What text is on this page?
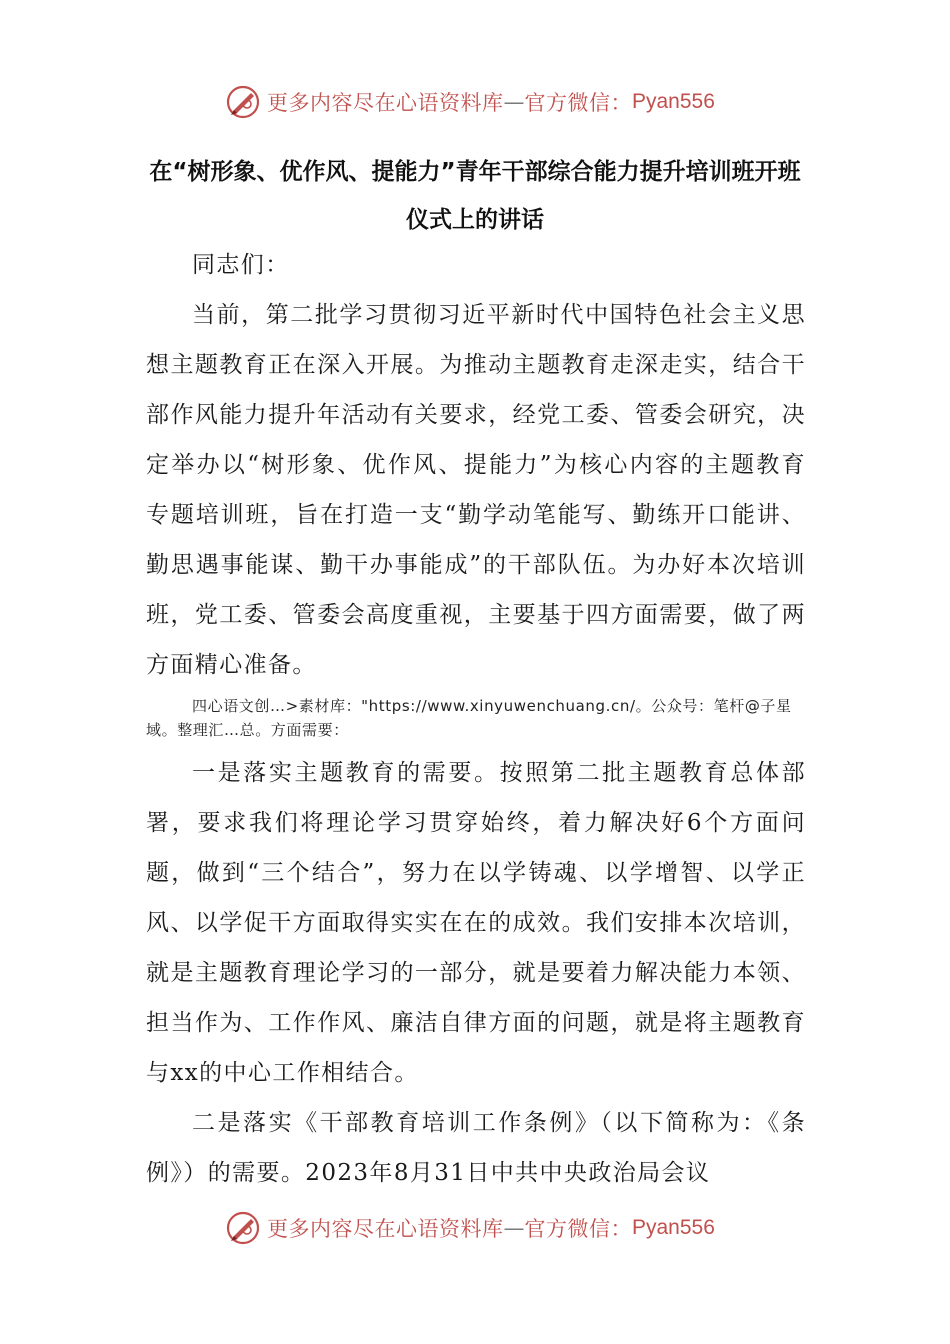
更多内容尽在心语资料库 — 官方微信： Pyan556
在“树形象、优作风、提能力”青年干部综合能力提升培训班开班仪式上的讲话

同志们：

当前，第二批学习贯彻习近平新时代中国特色社会主义思想主题教育正在深入开展。为推动主题教育走深走实，结合干部作风能力提升年活动有关要求，经党工委、管委会研究，决定举办以“树形象、优作风、提能力”为核心内容的主题教育专题培训班，旨在打造一支“勤学动笔能写、勤练开口能讲、勤思遇事能谋、勤干办事能成”的干部队伍。为办好本次培训班，党工委、管委会高度重视，主要基于四方面需要，做了两方面精心准备。

四心语文创…>素材库："https://www.xinyuwenchuang.cn/。公众号：笔杆@子星域。整理汇…总。方面需要：

一是落实主题教育的需要。按照第二批主题教育总体部署，要求我们将理论学习贯穿始终，着力解决好6个方面问题，做到“三个结合”，努力在以学铸魂、以学增智、以学正风、以学促干方面取得实实在在的成效。我们安排本次培训，就是主题教育理论学习的一部分，就是要着力解决能力本领、担当作为、工作作风、廉洁自律方面的问题，就是将主题教育与xx的中心工作相结合。

二是落实《干部教育培训工作条例》（以下简称为：《条例》）的需要。2023年8月31日中共中央政治局会议

更多内容尽在心语资料库 — 官方微信： Pyan556
